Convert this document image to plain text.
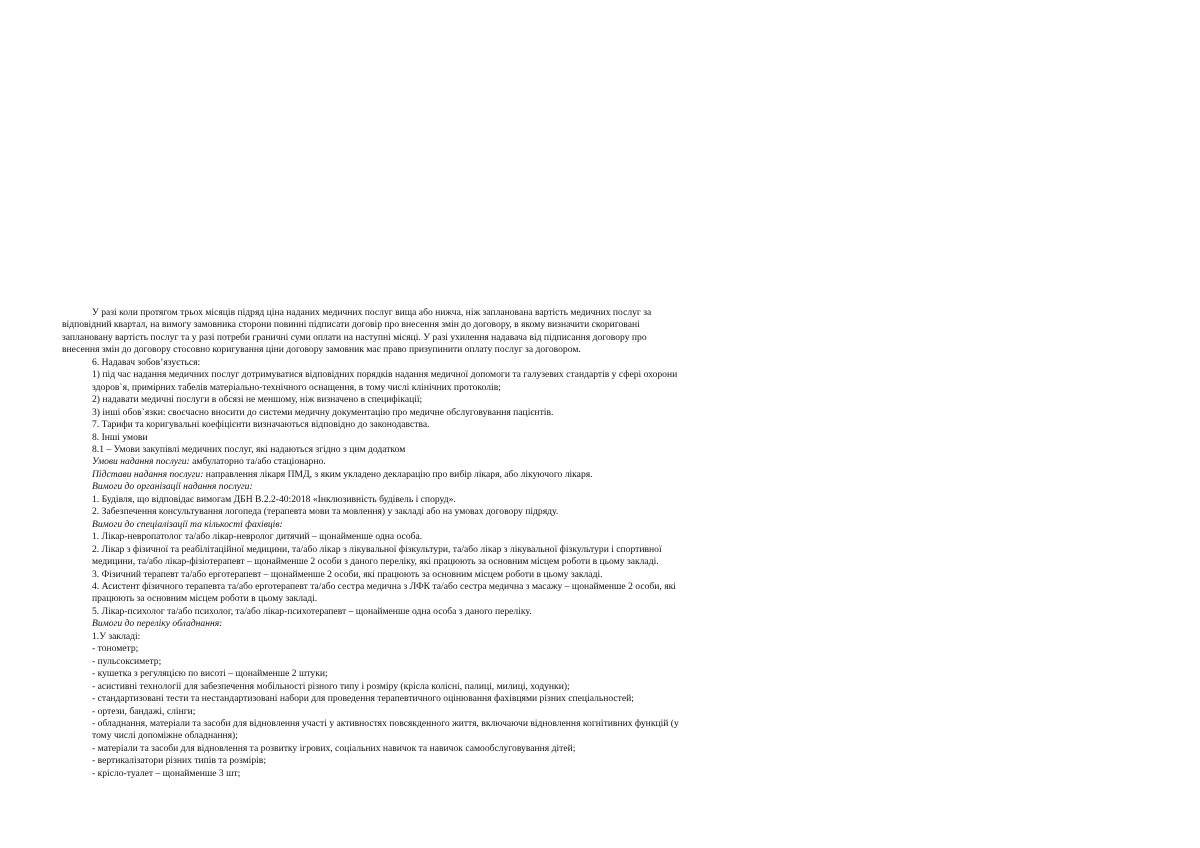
У разі коли протягом трьох місяців підряд ціна наданих медичних послуг вища або нижча, ніж запланована вартість медичних послуг за

відповідний квартал, на вимогу замовника сторони повинні підписати договір про внесення змін до договору, в якому визначити скориговані

заплановану вартість послуг та у разі потреби граничні суми оплати на наступні місяці. У разі ухилення надавача від підписання договору про

внесення змін до договору стосовно коригування ціни договору замовник має право призупинити оплату послуг за договором.

6. Надавач зобов’язується:

1) під час надання медичних послуг дотримуватися відповідних порядків надання медичної допомоги та галузевих стандартів у сфері охорони

здоров`я, примірних табелів матеріально-технічного оснащення, в тому числі клінічних протоколів;

2) надавати медичні послуги в обсязі не меншому, ніж визначено в специфікації;

3) інші обов`язки: своєчасно вносити до системи медичну документацію про медичне обслуговування пацієнтів.

7. Тарифи та коригувальні коефіцієнти визначаються відповідно до законодавства.

8. Інші умови

8.1 – Умови закупівлі медичних послуг, які надаються згідно з цим додатком

Умови надання послуги: амбулаторно та/або стаціонарно.

Підстави надання послуги: направлення лікаря ПМД, з яким укладено декларацію про вибір лікаря, або лікуючого лікаря.

Вимоги до організації надання послуги:

1. Будівля, що відповідає вимогам ДБН В.2.2-40:2018 «Інклюзивність будівель і споруд».

2. Забезпечення консультування логопеда (терапевта мови та мовлення) у закладі або на умовах договору підряду.

Вимоги до спеціалізації та кількості фахівців:

1. Лікар-невропатолог та/або лікар-невролог дитячий – щонайменше одна особа.

2. Лікар з фізичної та реабілітаційної медицини, та/або лікар з лікувальної фізкультури, та/або лікар з лікувальної фізкультури і спортивної

медицини, та/або лікар-фізіотерапевт – щонайменше 2 особи з даного переліку, які працюють за основним місцем роботи в цьому закладі.

3. Фізичний терапевт та/або ерготерапевт – щонайменше 2 особи, які працюють за основним місцем роботи в цьому закладі.

4. Асистент фізичного терапевта та/або ерготерапевт та/або сестра медична з ЛФК та/або сестра медична з масажу – щонайменше 2 особи, які

працюють за основним місцем роботи в цьому закладі.

5. Лікар-психолог та/або психолог, та/або лікар-психотерапевт – щонайменше одна особа з даного переліку.

Вимоги до переліку обладнання:

1.У закладі:

- тонометр;

- пульсоксиметр;

- кушетка з регуляцією по висоті – щонайменше 2 штуки;

- асистивні технології для забезпечення мобільності різного типу і розміру (крісла колісні, палиці, милиці, ходунки);

- стандартизовані тести та нестандартизовані набори для проведення терапевтичного оцінювання фахівцями різних спеціальностей;

- ортези, бандажі, слінги;

- обладнання, матеріали та засоби для відновлення участі у активностях повсякденного життя, включаючи відновлення когнітивних функцій (у

тому числі допоміжне обладнання);

- матеріали та засоби для відновлення та розвитку ігрових, соціальних навичок та навичок самообслуговування дітей;

- вертикалізатори різних типів та розмірів;

- крісло-туалет – щонайменше 3 шт;
